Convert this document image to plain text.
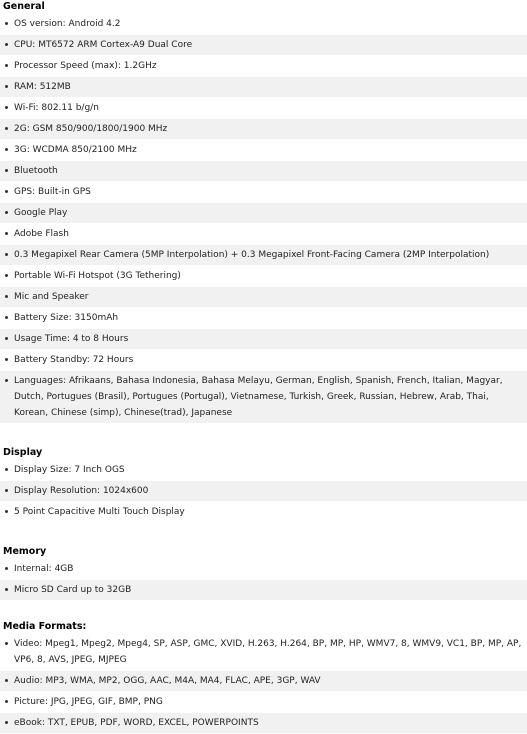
General
OS version: Android 4.2
CPU: MT6572 ARM Cortex-A9 Dual Core
Processor Speed (max): 1.2GHz
RAM: 512MB
Wi-Fi: 802.11 b/g/n
2G: GSM 850/900/1800/1900 MHz
3G: WCDMA 850/2100 MHz
Bluetooth
GPS: Built-in GPS
Google Play
Adobe Flash
0.3 Megapixel Rear Camera (5MP Interpolation) + 0.3 Megapixel Front-Facing Camera (2MP Interpolation)
Portable Wi-Fi Hotspot (3G Tethering)
Mic and Speaker
Battery Size: 3150mAh
Usage Time: 4 to 8 Hours
Battery Standby: 72 Hours
Languages: Afrikaans, Bahasa Indonesia, Bahasa Melayu, German, English, Spanish, French, Italian, Magyar, Dutch, Portugues (Brasil), Portugues (Portugal), Vietnamese, Turkish, Greek, Russian, Hebrew, Arab, Thai, Korean, Chinese (simp), Chinese(trad), Japanese
Display
Display Size: 7 Inch OGS
Display Resolution: 1024x600
5 Point Capacitive Multi Touch Display
Memory
Internal: 4GB
Micro SD Card up to 32GB
Media Formats:
Video: Mpeg1, Mpeg2, Mpeg4, SP, ASP, GMC, XVID, H.263, H.264, BP, MP, HP, WMV7, 8, WMV9, VC1, BP, MP, AP, VP6, 8, AVS, JPEG, MJPEG
Audio: MP3, WMA, MP2, OGG, AAC, M4A, MA4, FLAC, APE, 3GP, WAV
Picture: JPG, JPEG, GIF, BMP, PNG
eBook: TXT, EPUB, PDF, WORD, EXCEL, POWERPOINTS
